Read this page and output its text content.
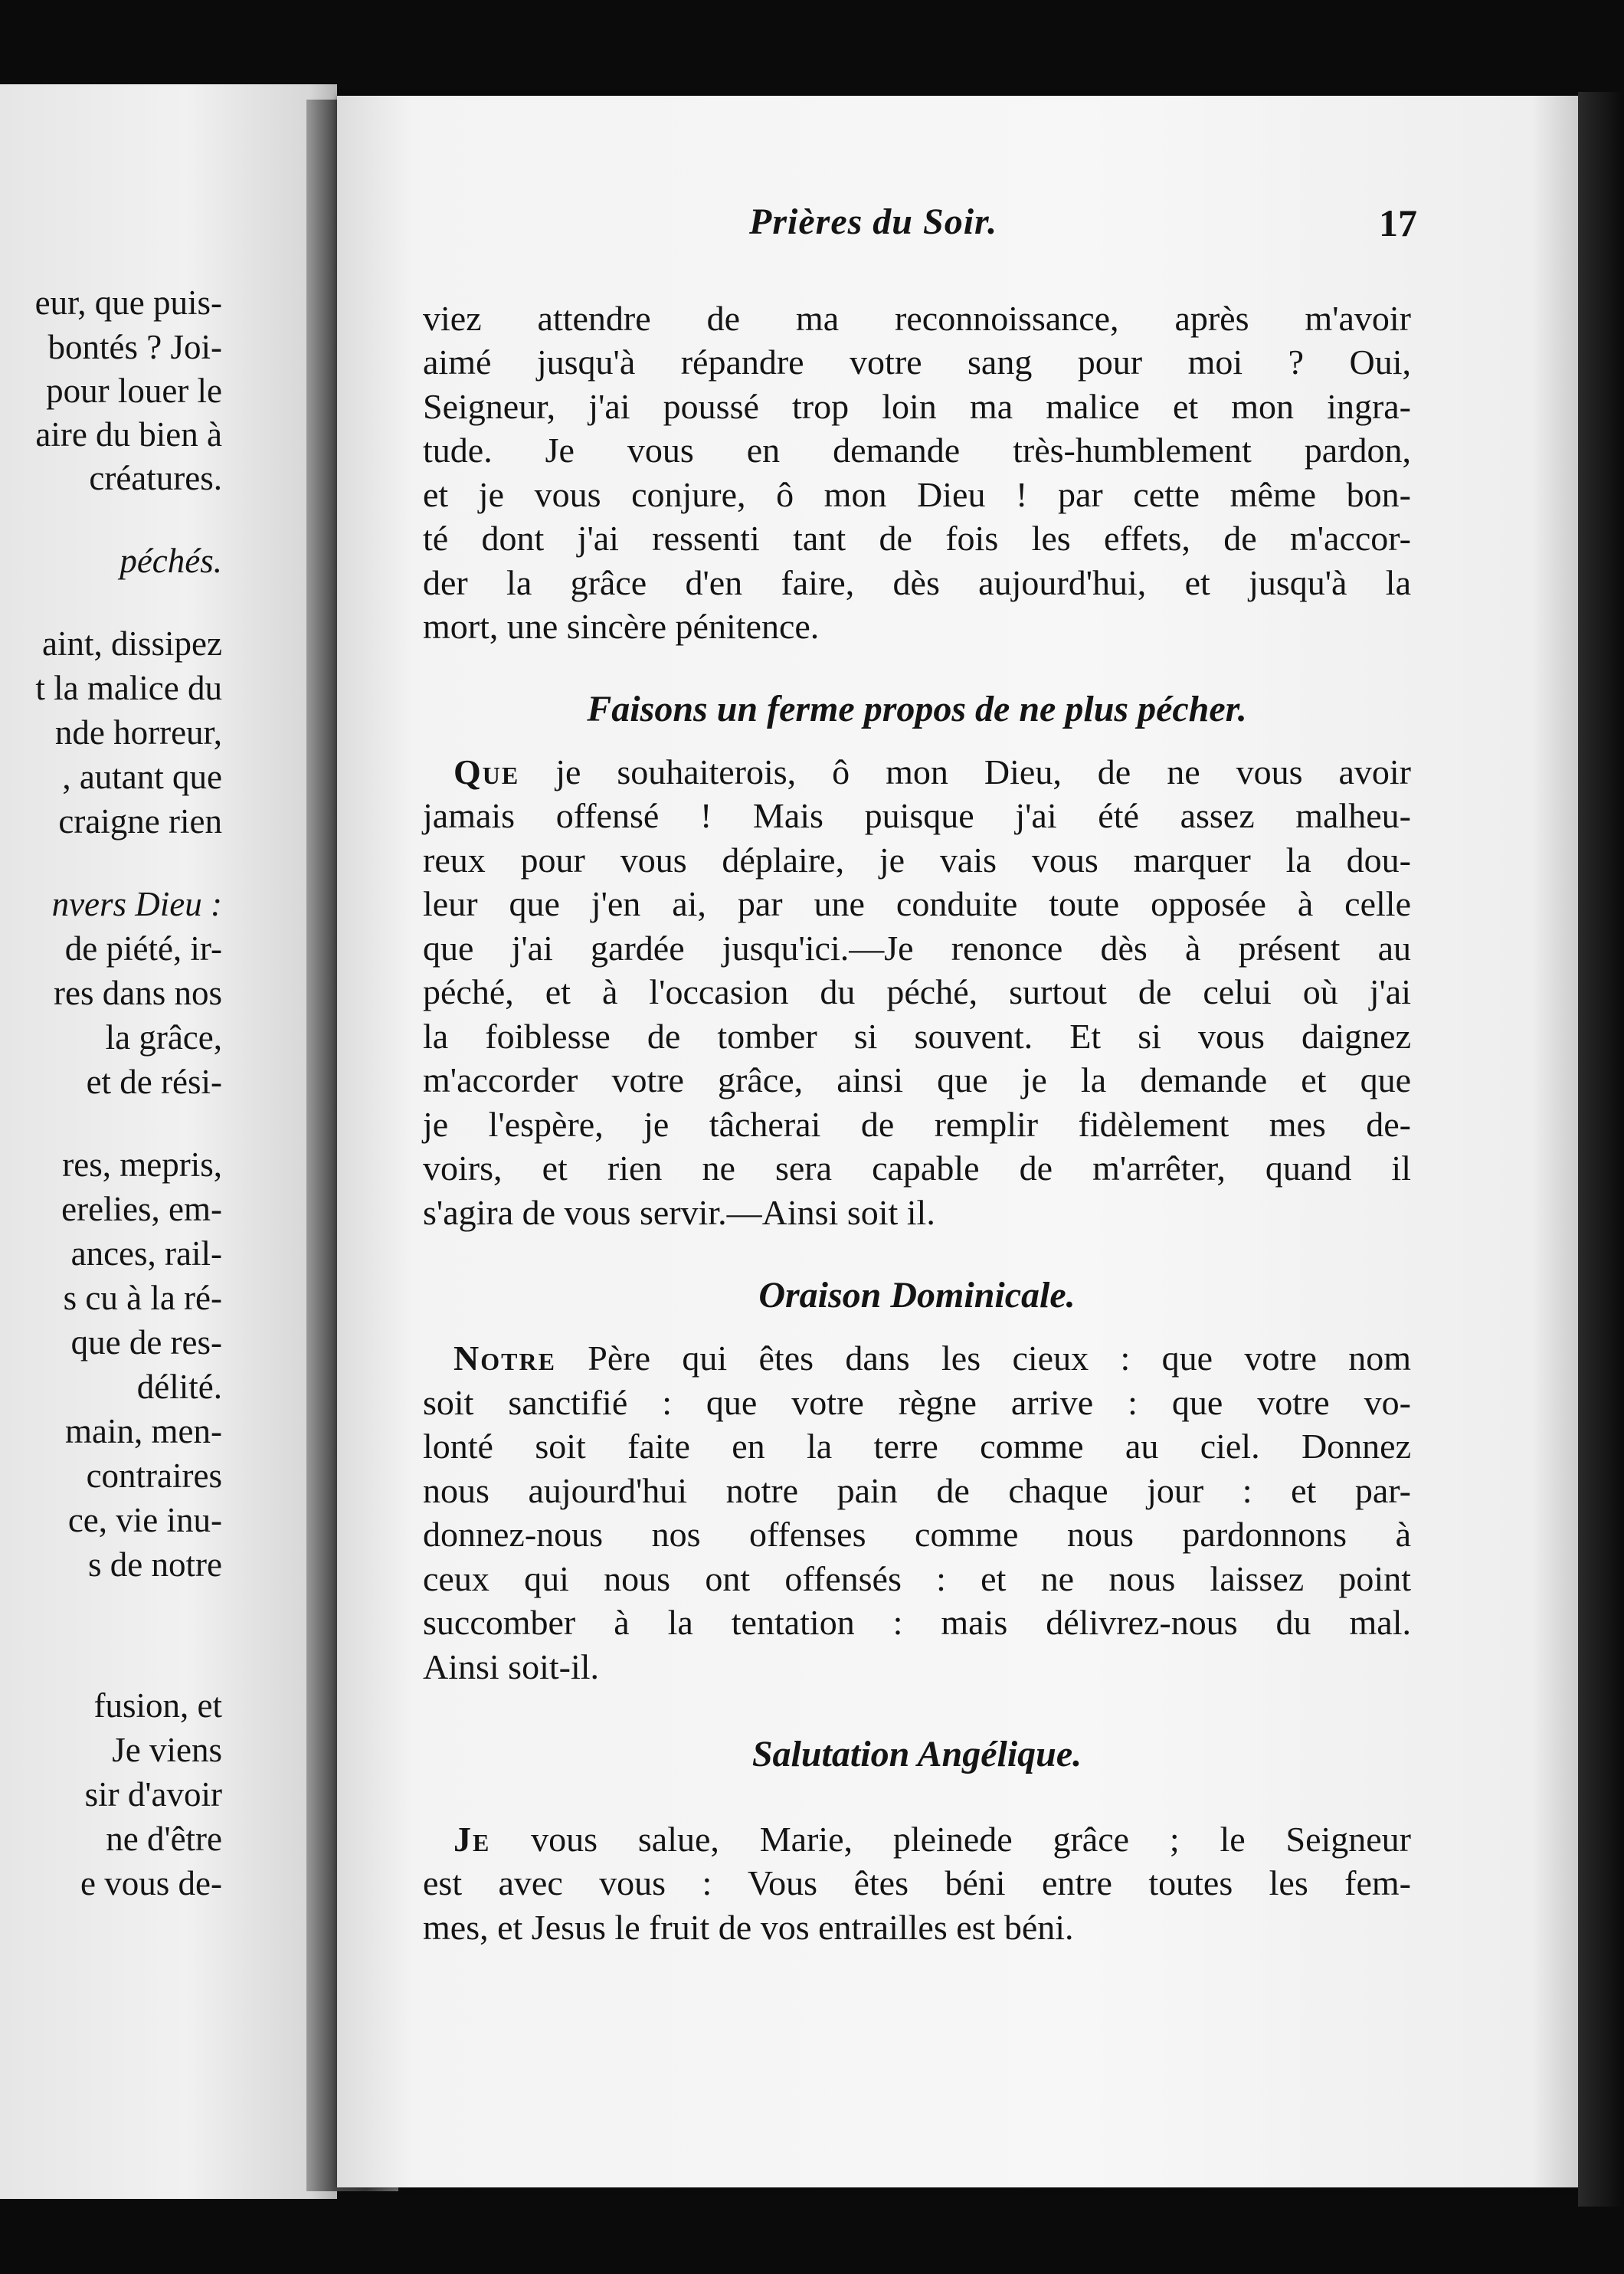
eur, que puis-
bontés ? Joi-
pour louer le
aire du bien à
créatures.
péchés.
aint, dissipez
t la malice du
nde horreur,
, autant que
craigne rien
nvers Dieu :
de piété, ir-
res dans nos
la grâce,
et de rési-
res, mepris,
erelies, em-
ances, rail-
s cu à la ré-
que de res-
délité.
main, men-
contraires
ce, vie inu-
s de notre
fusion, et
Je viens
sir d'avoir
ne d'être
e vous de-
Prières du Soir.	17
viez attendre de ma reconnoissance, après m'avoir
aimé jusqu'à répandre votre sang pour moi ? Oui,
Seigneur, j'ai poussé trop loin ma malice et mon ingra-
tude. Je vous en demande très-humblement pardon,
et je vous conjure, ô mon Dieu ! par cette même bon-
té dont j'ai ressenti tant de fois les effets, de m'accor-
der la grâce d'en faire, dès aujourd'hui, et jusqu'à la
mort, une sincère pénitence.
Faisons un ferme propos de ne plus pécher.
Que je souhaiterois, ô mon Dieu, de ne vous avoir
jamais offensé ! Mais puisque j'ai été assez malheu-
reux pour vous déplaire, je vais vous marquer la dou-
leur que j'en ai, par une conduite toute opposée à celle
que j'ai gardée jusqu'ici.—Je renonce dès à présent au
péché, et à l'occasion du péché, surtout de celui où j'ai
la foiblesse de tomber si souvent. Et si vous daignez
m'accorder votre grâce, ainsi que je la demande et que
je l'espère, je tâcherai de remplir fidèlement mes de-
voirs, et rien ne sera capable de m'arrêter, quand il
s'agira de vous servir.—Ainsi soit il.
Oraison Dominicale.
Notre Père qui êtes dans les cieux : que votre nom
soit sanctifié : que votre règne arrive : que votre vo-
lonté soit faite en la terre comme au ciel. Donnez
nous aujourd'hui notre pain de chaque jour : et par-
donnez-nous nos offenses comme nous pardonnons à
ceux qui nous ont offensés : et ne nous laissez point
succomber à la tentation : mais délivrez-nous du mal.
Ainsi soit-il.
Salutation Angélique.
Je vous salue, Marie, pleinede grâce ; le Seigneur
est avec vous : Vous êtes béni entre toutes les fem-
mes, et Jesus le fruit de vos entrailles est béni.
